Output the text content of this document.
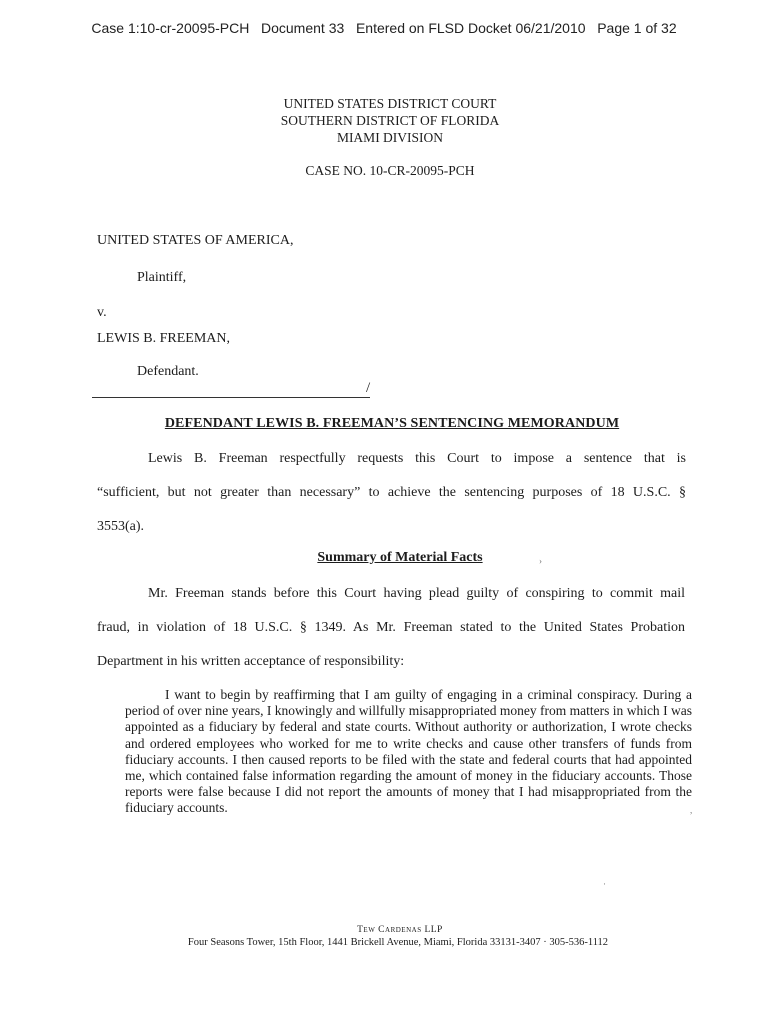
Case 1:10-cr-20095-PCH   Document 33   Entered on FLSD Docket 06/21/2010   Page 1 of 32
UNITED STATES DISTRICT COURT
SOUTHERN DISTRICT OF FLORIDA
MIAMI DIVISION
CASE NO. 10-CR-20095-PCH
UNITED STATES OF AMERICA,
Plaintiff,
v.
LEWIS B. FREEMAN,
Defendant.
/
DEFENDANT LEWIS B. FREEMAN’S SENTENCING MEMORANDUM
Lewis B. Freeman respectfully requests this Court to impose a sentence that is
“sufficient, but not greater than necessary” to achieve the sentencing purposes of 18 U.S.C. §
3553(a).
Summary of Material Facts
Mr. Freeman stands before this Court having plead guilty of conspiring to commit mail
fraud, in violation of 18 U.S.C. § 1349. As Mr. Freeman stated to the United States Probation
Department in his written acceptance of responsibility:
I want to begin by reaffirming that I am guilty of engaging in a criminal conspiracy. During a period of over nine years, I knowingly and willfully misappropriated money from matters in which I was appointed as a fiduciary by federal and state courts. Without authority or authorization, I wrote checks and ordered employees who worked for me to write checks and cause other transfers of funds from fiduciary accounts. I then caused reports to be filed with the state and federal courts that had appointed me, which contained false information regarding the amount of money in the fiduciary accounts. Those reports were false because I did not report the amounts of money that I had misappropriated from the fiduciary accounts.
Tew Cardenas LLP
Four Seasons Tower, 15th Floor, 1441 Brickell Avenue, Miami, Florida 33131-3407 · 305-536-1112
›
,
·
